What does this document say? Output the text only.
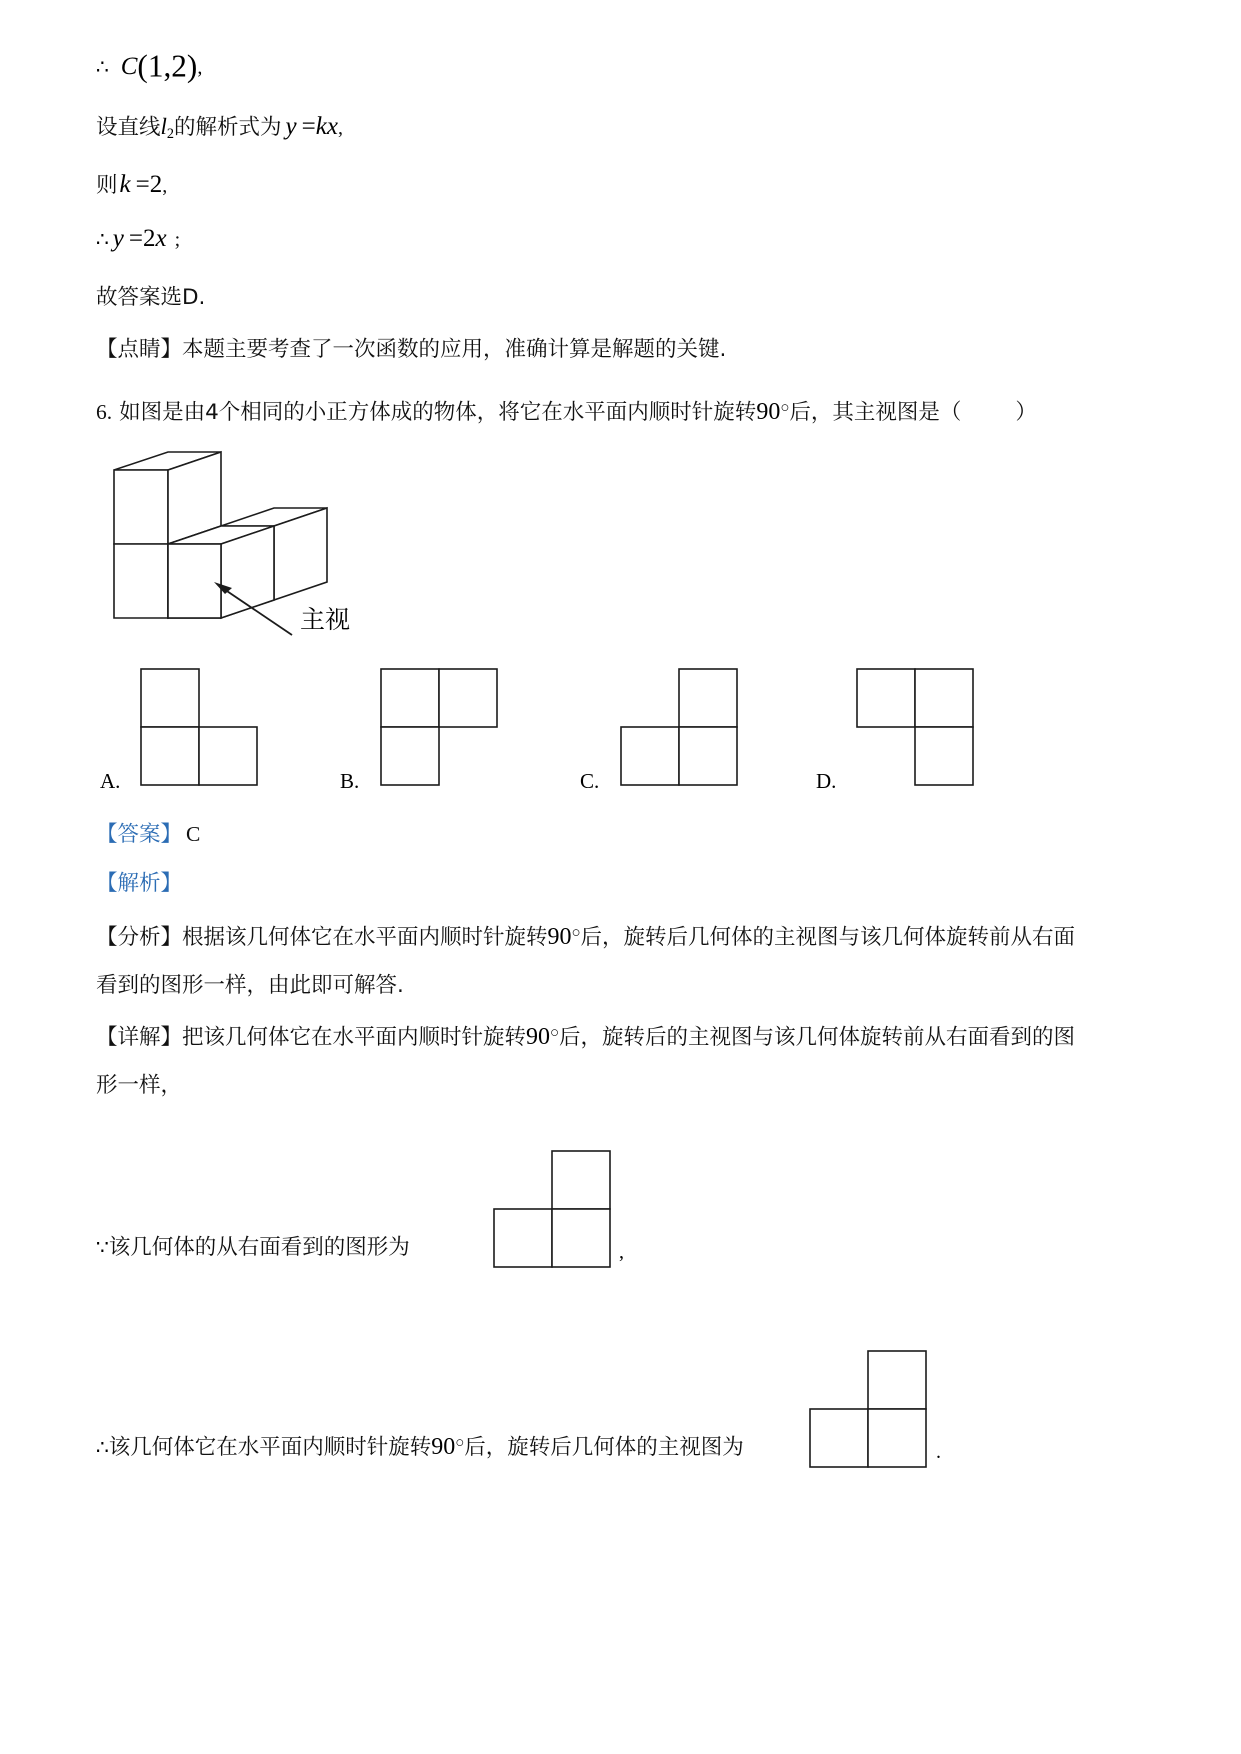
∴ C(1,2),
设直线$l_2$的解析式为 y =kx,
则k =2,
∴ y =2x ;
故答案选D.
【点睛】本题主要考查了一次函数的应用，准确计算是解题的关键.
6. 如图是由4个相同的小正方体成的物体，将它在水平面内顺时针旋转90○后，其主视图是（	）
主视
A.	B.	C.	D.
【答案】 C
【解析】
【分析】根据该几何体它在水平面内顺时针旋转90○后，旋转后几何体的主视图与该几何体旋转前从右面
看到的图形一样，由此即可解答.
【详解】把该几何体它在水平面内顺时针旋转90○后，旋转后的主视图与该几何体旋转前从右面看到的图
形一样，
∵该几何体的从右面看到的图形为	,
∴该几何体它在水平面内顺时针旋转90○后，旋转后几何体的主视图为	.
